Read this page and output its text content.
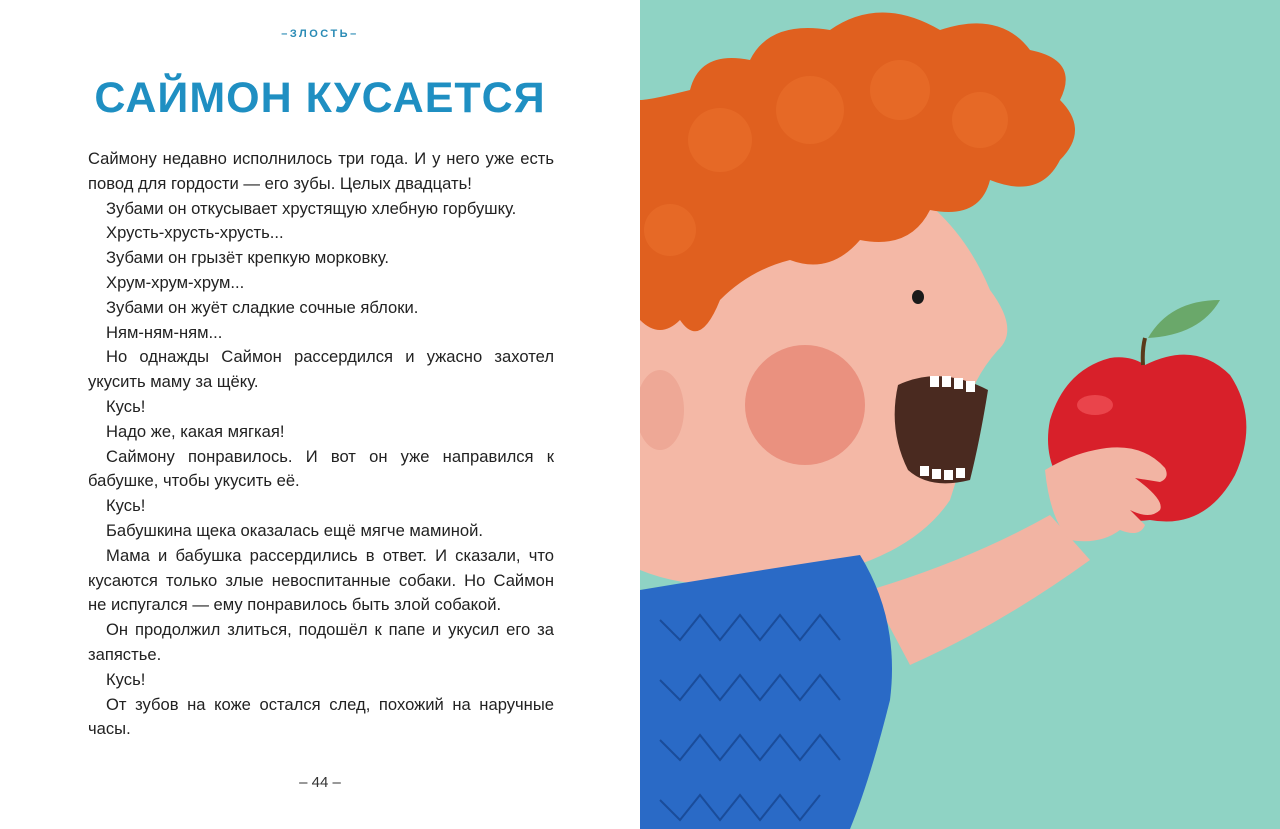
–ЗЛОСТЬ–
САЙМОН КУСАЕТСЯ

Саймону недавно исполнилось три года. И у него уже есть повод для гордости — его зубы. Целых двадцать!

Зубами он откусывает хрустящую хлебную горбушку.

Хрусть-хрусть-хрусть...

Зубами он грызёт крепкую морковку.

Хрум-хрум-хрум...

Зубами он жуёт сладкие сочные яблоки.

Ням-ням-ням...

Но однажды Саймон рассердился и ужасно захотел укусить маму за щёку.

Кусь!

Надо же, какая мягкая!

Саймону понравилось. И вот он уже направился к бабушке, чтобы укусить её.

Кусь!

Бабушкина щека оказалась ещё мягче маминой.

Мама и бабушка рассердились в ответ. И сказали, что кусаются только злые невоспитанные собаки. Но Саймон не испугался — ему понравилось быть злой собакой.

Он продолжил злиться, подошёл к папе и укусил его за запястье.

Кусь!

От зубов на коже остался след, похожий на наручные часы.

– 44 –
